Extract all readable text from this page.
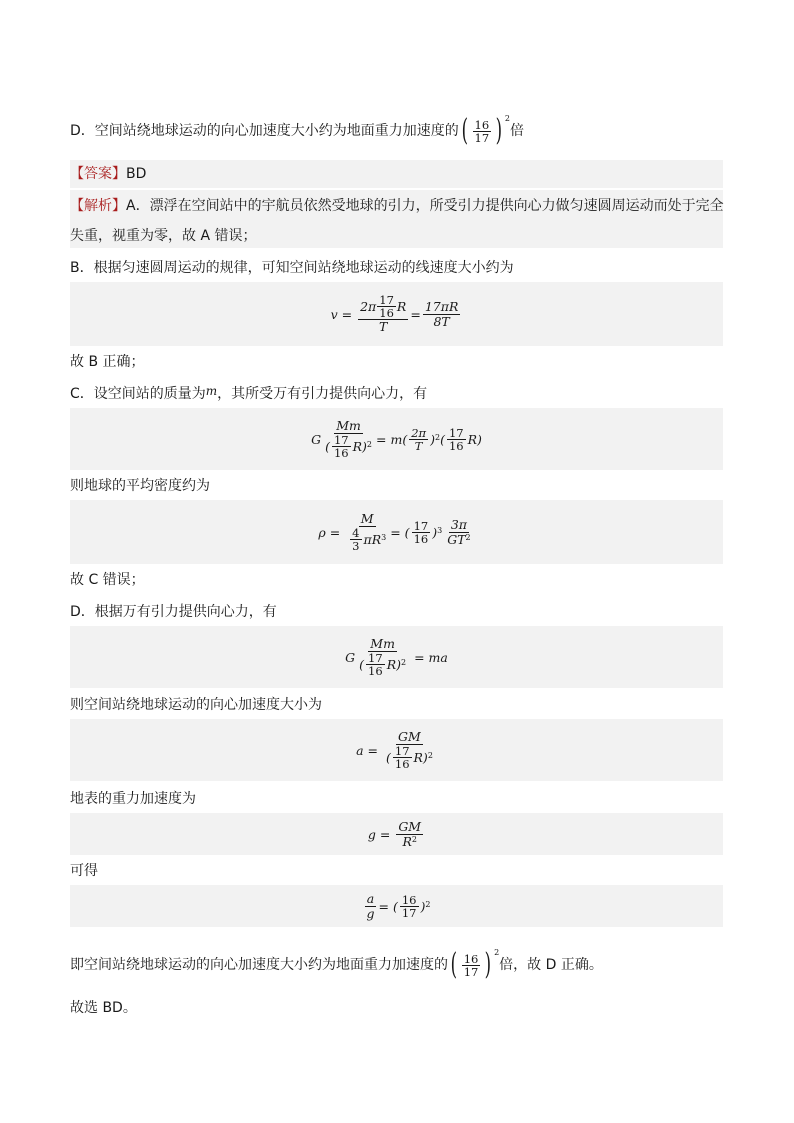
D．空间站绕地球运动的向心加速度大小约为地面重力加速度的 ( $\frac{16}{17}$ ) $^2$
倍
【答案】BD
【解析】A．漂浮在空间站中的宇航员依然受地球的引力，所受引力提供向心力做匀速圆周运动而处于完全
失重，视重为零，故 A 错误；
B．根据匀速圆周运动的规律，可知空间站绕地球运动的线速度大小约为
v =
$\frac{2\pi \frac{17}{16} R}{T} = \frac{17\pi R}{8T}$
故 B 正确；
C．设空间站的质量为m，其所受万有引力提供向心力，有
G $\frac{Mm}{( \frac{17}{16} R)^2} = m( \frac{2\pi}{T} )^2$ ( $\frac{17}{16} R$)
则地球的平均密度约为
ρ =
$\frac{M}{\frac{4}{3} \pi R^3}$ = ( $\frac{17}{16} )^3 \frac{3\pi}{GT^2}$
故 C 错误；
D．根据万有引力提供向心力，有
G $\frac{Mm}{( \frac{17}{16} R)^2}$
= ma
则空间站绕地球运动的向心加速度大小为
a =
$\frac{GM}{( \frac{17}{16} R)^2}$
地表的重力加速度为
g =
$\frac{GM}{R^2}$
可得
$\frac{a}{g}$ = ( $\frac{16}{17} )^2$
即空间站绕地球运动的向心加速度大小约为地面重力加速度的 ( $\frac{16}{17}$ ) $^2$
倍，故 D 正确。
故选 BD。
